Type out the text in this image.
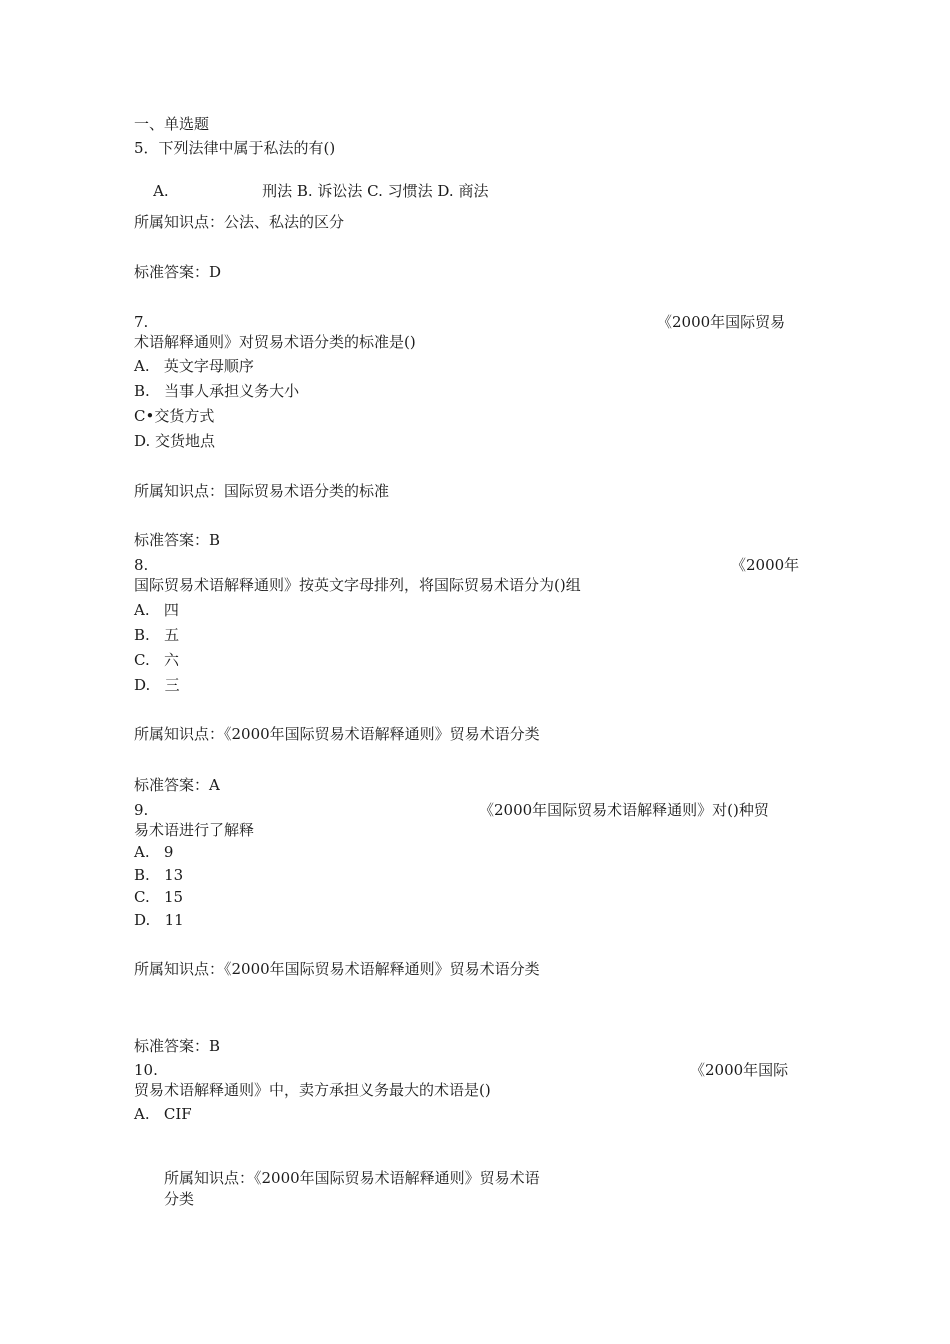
一、单选题
5．下列法律中属于私法的有()

A.	刑法 B. 诉讼法 C. 习惯法 D. 商法

所属知识点：公法、私法的区分
标准答案：D
7.	《2000年国际贸易
术语解释通则》对贸易术语分类的标准是()
A.   英文字母顺序
B.   当事人承担义务大小
C•交货方式
D. 交货地点
所属知识点：国际贸易术语分类的标准
标准答案：B
8.	《2000年
国际贸易术语解释通则》按英文字母排列，将国际贸易术语分为()组
A.   四
B.   五
C.   六
D.   三
所属知识点：《2000年国际贸易术语解释通则》贸易术语分类
标准答案：A
9.	《2000年国际贸易术语解释通则》对()种贸
易术语进行了解释
A.   9
B.   13
C.   15
D.   11
所属知识点：《2000年国际贸易术语解释通则》贸易术语分类
标准答案：B
10.	《2000年国际
贸易术语解释通则》中，卖方承担义务最大的术语是()
A.   CIF
所属知识点：《2000年国际贸易术语解释通则》贸易术语
分类
